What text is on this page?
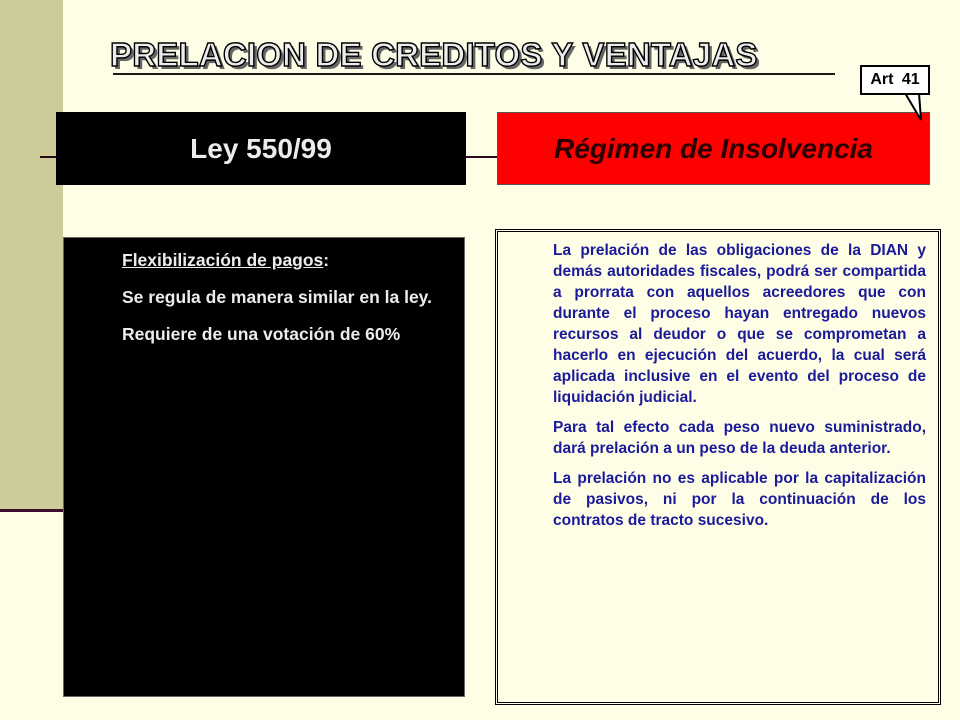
PRELACION DE CREDITOS Y VENTAJAS
Ley 550/99	Régimen de Insolvencia
Art 41

Flexibilización de pagos:

Se regula de manera similar en la ley.

Requiere de una votación de 60%

La prelación de las obligaciones de la DIAN y demás autoridades fiscales, podrá ser compartida a prorrata con aquellos acreedores que con durante el proceso hayan entregado nuevos recursos al deudor o que se comprometan a hacerlo en ejecución del acuerdo, la cual será aplicada inclusive en el evento del proceso de liquidación judicial.

Para tal efecto cada peso nuevo suministrado, dará prelación a un peso de la deuda anterior.

La prelación no es aplicable por la capitalización de pasivos, ni por la continuación de los contratos de tracto sucesivo.
